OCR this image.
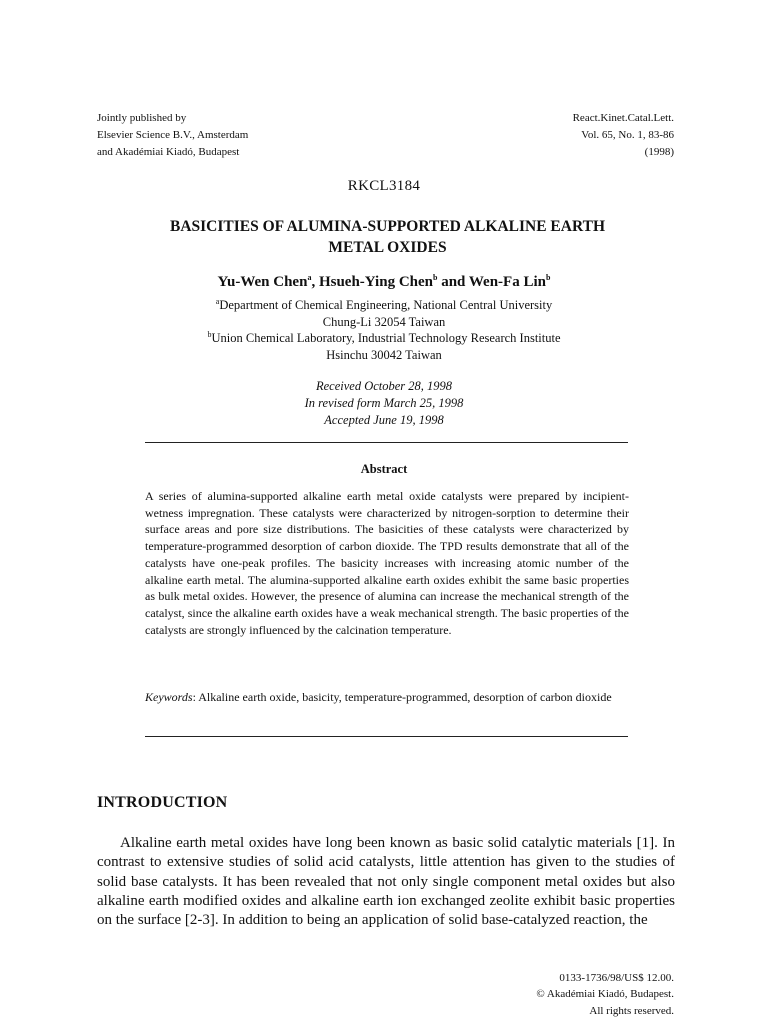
Jointly published by
Elsevier Science B.V., Amsterdam
and Akadémiai Kiadó, Budapest
React.Kinet.Catal.Lett.
Vol. 65, No. 1, 83-86
(1998)
RKCL3184
BASICITIES OF ALUMINA-SUPPORTED ALKALINE EARTH
METAL OXIDES
Yu-Wen Chen$^a$, Hsueh-Ying Chen$^b$ and Wen-Fa Lin$^b$
$^a$Department of Chemical Engineering, National Central University
Chung-Li 32054 Taiwan
$^b$Union Chemical Laboratory, Industrial Technology Research Institute
Hsinchu 30042 Taiwan
Received October 28, 1998
In revised form March 25, 1998
Accepted June 19, 1998
Abstract
A series of alumina-supported alkaline earth metal oxide catalysts were prepared by incipient-wetness impregnation. These catalysts were characterized by nitrogen-sorption to determine their surface areas and pore size distributions. The basicities of these catalysts were characterized by temperature-programmed desorption of carbon dioxide. The TPD results demonstrate that all of the catalysts have one-peak profiles. The basicity increases with increasing atomic number of the alkaline earth metal. The alumina-supported alkaline earth oxides exhibit the same basic properties as bulk metal oxides. However, the presence of alumina can increase the mechanical strength of the catalyst, since the alkaline earth oxides have a weak mechanical strength. The basic properties of the catalysts are strongly influenced by the calcination temperature.
Keywords: Alkaline earth oxide, basicity, temperature-programmed, desorption of carbon dioxide
INTRODUCTION

Alkaline earth metal oxides have long been known as basic solid catalytic materials [1]. In contrast to extensive studies of solid acid catalysts, little attention has given to the studies of solid base catalysts. It has been revealed that not only single component metal oxides but also alkaline earth modified oxides and alkaline earth ion exchanged zeolite exhibit basic properties on the surface [2-3]. In addition to being an application of solid base-catalyzed reaction, the

0133-1736/98/US$ 12.00.
© Akadémiai Kiadó, Budapest.
All rights reserved.
